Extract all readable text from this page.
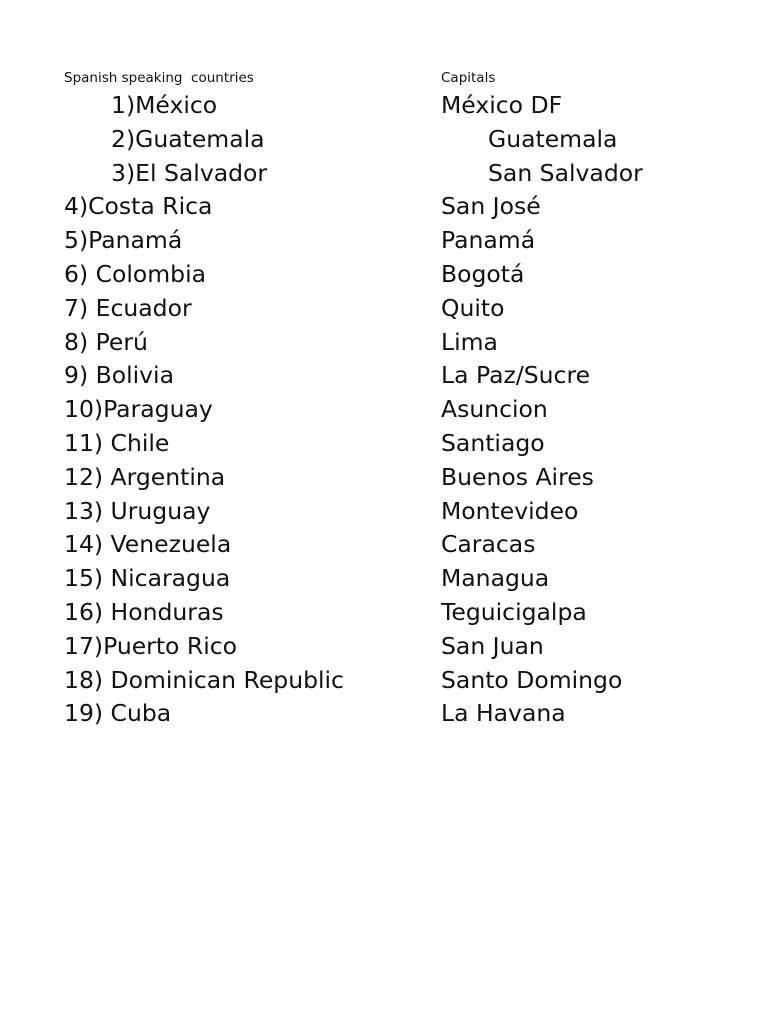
Spanish speaking  countries	Capitals
1)México
2)Guatemala
3)El Salvador
4)Costa Rica
5)Panamá
6) Colombia
7) Ecuador
8) Perú
9) Bolivia
10)Paraguay
11) Chile
12) Argentina
13) Uruguay
14) Venezuela
15) Nicaragua
16) Honduras
17)Puerto Rico
18) Dominican Republic
19) Cuba
México DF
Guatemala
San Salvador
San José
Panamá
Bogotá
Quito
Lima
La Paz/Sucre
Asuncion
Santiago
Buenos Aires
Montevideo
Caracas
Managua
Teguicigalpa
San Juan
Santo Domingo
La Havana
